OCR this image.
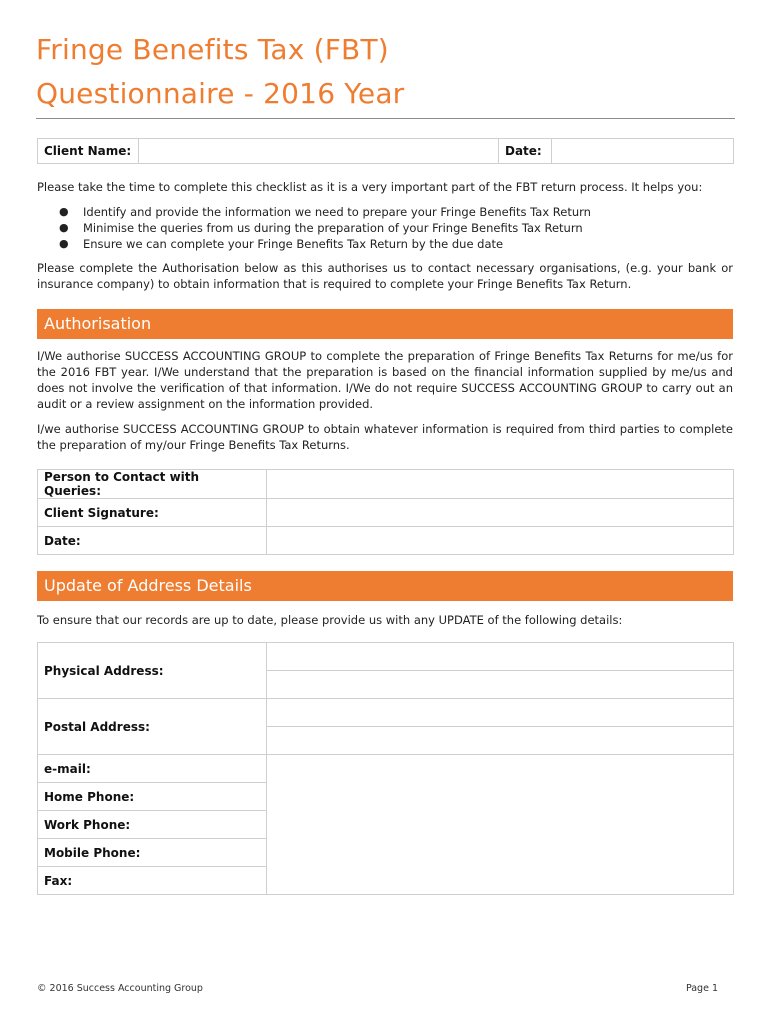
Fringe Benefits Tax (FBT)
Questionnaire - 2016 Year
Client Name:		Date:	

Please take the time to complete this checklist as it is a very important part of the FBT return process. It helps you:

● Identify and provide the information we need to prepare your Fringe Benefits Tax Return
● Minimise the queries from us during the preparation of your Fringe Benefits Tax Return
● Ensure we can complete your Fringe Benefits Tax Return by the due date

Please complete the Authorisation below as this authorises us to contact necessary organisations, (e.g. your bank or insurance company) to obtain information that is required to complete your Fringe Benefits Tax Return.

Authorisation

I/We authorise SUCCESS ACCOUNTING GROUP to complete the preparation of Fringe Benefits Tax Returns for me/us for the 2016 FBT year. I/We understand that the preparation is based on the financial information supplied by me/us and does not involve the verification of that information. I/We do not require SUCCESS ACCOUNTING GROUP to carry out an audit or a review assignment on the information provided.

I/we authorise SUCCESS ACCOUNTING GROUP to obtain whatever information is required from third parties to complete the preparation of my/our Fringe Benefits Tax Returns.

Person to Contact with Queries:	
Client Signature:	
Date:	
Update of Address Details

To ensure that our records are up to date, please provide us with any UPDATE of the following details:

Physical Address:	

Postal Address:	

e-mail:	
Home Phone:	
Work Phone:	
Mobile Phone:	
Fax:	
© 2016 Success Accounting Group	Page 1
